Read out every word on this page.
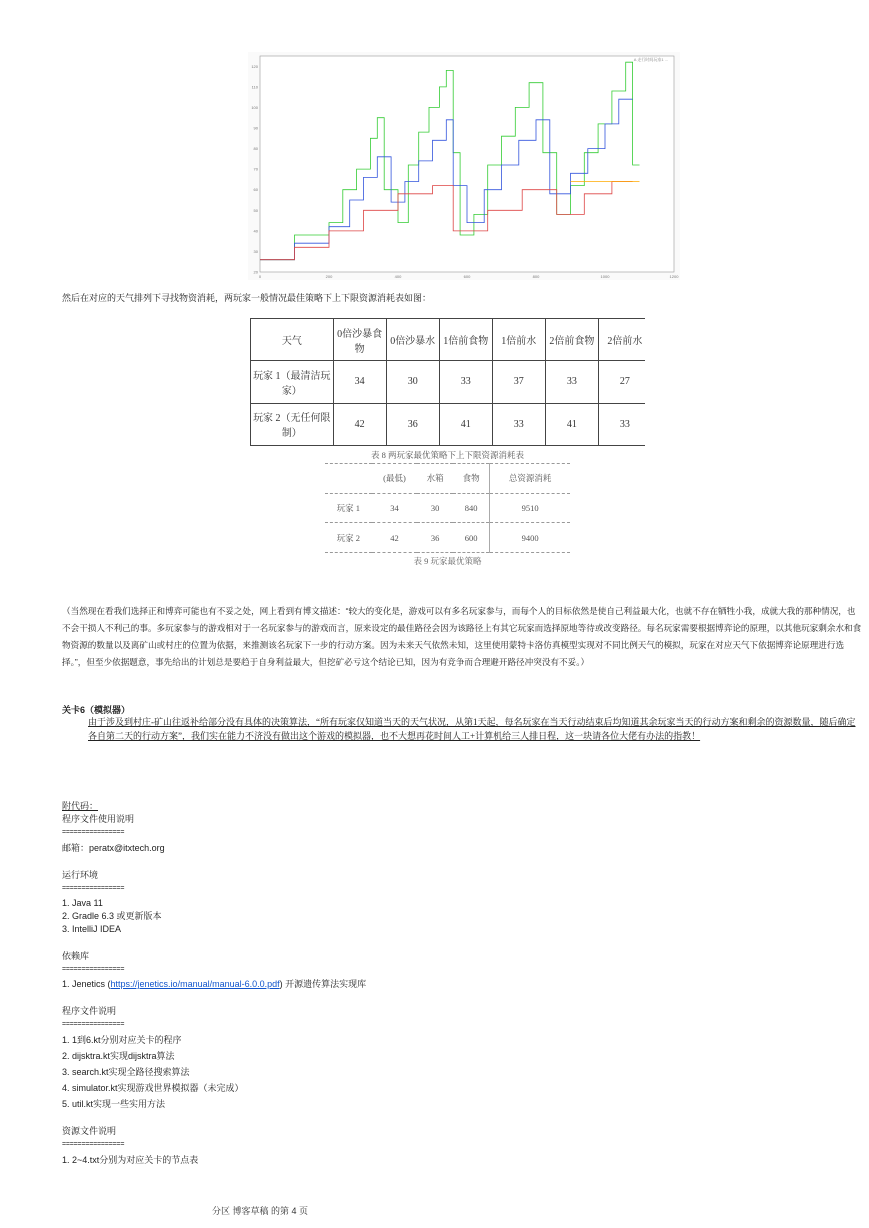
120
110
100
90
80
70
60
50
40
30
20
0	200	400	600	800	1000	1200
A 走行时间玩家1 ...
然后在对应的天气排列下寻找物资消耗，两玩家一般情况最佳策略下上下限资源消耗表如图：
天气	0倍沙暴食物	0倍沙暴水	1倍前食物	1倍前水	2倍前食物	2倍前水
玩家 1（最清洁玩家）	34	30	33	37	33	27
玩家 2（无任何限制）	42	36	41	33	41	33
表 8 两玩家最优策略下上下限资源消耗表
	(最低)	水箱	食物	总资源消耗
玩家 1	34	30	840	9510
玩家 2	42	36	600	9400
表 9 玩家最优策略
（当然现在看我们选择正和博弈可能也有不妥之处，网上看到有博文描述：“较大的变化是，游戏可以有多名玩家参与，而每个人的目标依然是使自己利益最大化，也就不存在牺牲小我，成就大我的那种情况，也不会干损人不利己的事。多玩家参与的游戏相对于一名玩家参与的游戏而言，原来设定的最佳路径会因为该路径上有其它玩家而选择原地等待或改变路径。每名玩家需要根据博弈论的原理，以其他玩家剩余水和食物资源的数量以及离矿山或村庄的位置为依据，来推测该名玩家下一步的行动方案。因为未来天气依然未知，这里使用蒙特卡洛仿真模型实现对不同比例天气的模拟，玩家在对应天气下依据博弈论原理进行选择。”，但至少依据题意，事先给出的计划总是要趋于自身利益最大，但挖矿必亏这个结论已知，因为有竞争而合理避开路径冲突没有不妥。）
关卡6（模拟器）
由于涉及到村庄-矿山往返补给部分没有具体的决策算法，“所有玩家仅知道当天的天气状况，从第1天起，每名玩家在当天行动结束后均知道其余玩家当天的行动方案和剩余的资源数量，随后确定各自第二天的行动方案”，我们实在能力不济没有做出这个游戏的模拟器，也不大想再花时间人工+计算机给三人排日程，这一块请各位大佬有办法的指教！
附代码：
程序文件使用说明
================
邮箱：peratx@itxtech.org
运行环境
================
1. Java 11
2. Gradle 6.3 或更新版本
3. IntelliJ IDEA
依赖库
================
1. Jenetics (https://jenetics.io/manual/manual-6.0.0.pdf) 开源遗传算法实现库
程序文件说明
================
1. 1到6.kt分别对应关卡的程序
2. dijsktra.kt实现dijsktra算法
3. search.kt实现全路径搜索算法
4. simulator.kt实现游戏世界模拟器（未完成）
5. util.kt实现一些实用方法
资源文件说明
================
1. 2~4.txt分别为对应关卡的节点表
分区 博客草稿 的第 4 页
